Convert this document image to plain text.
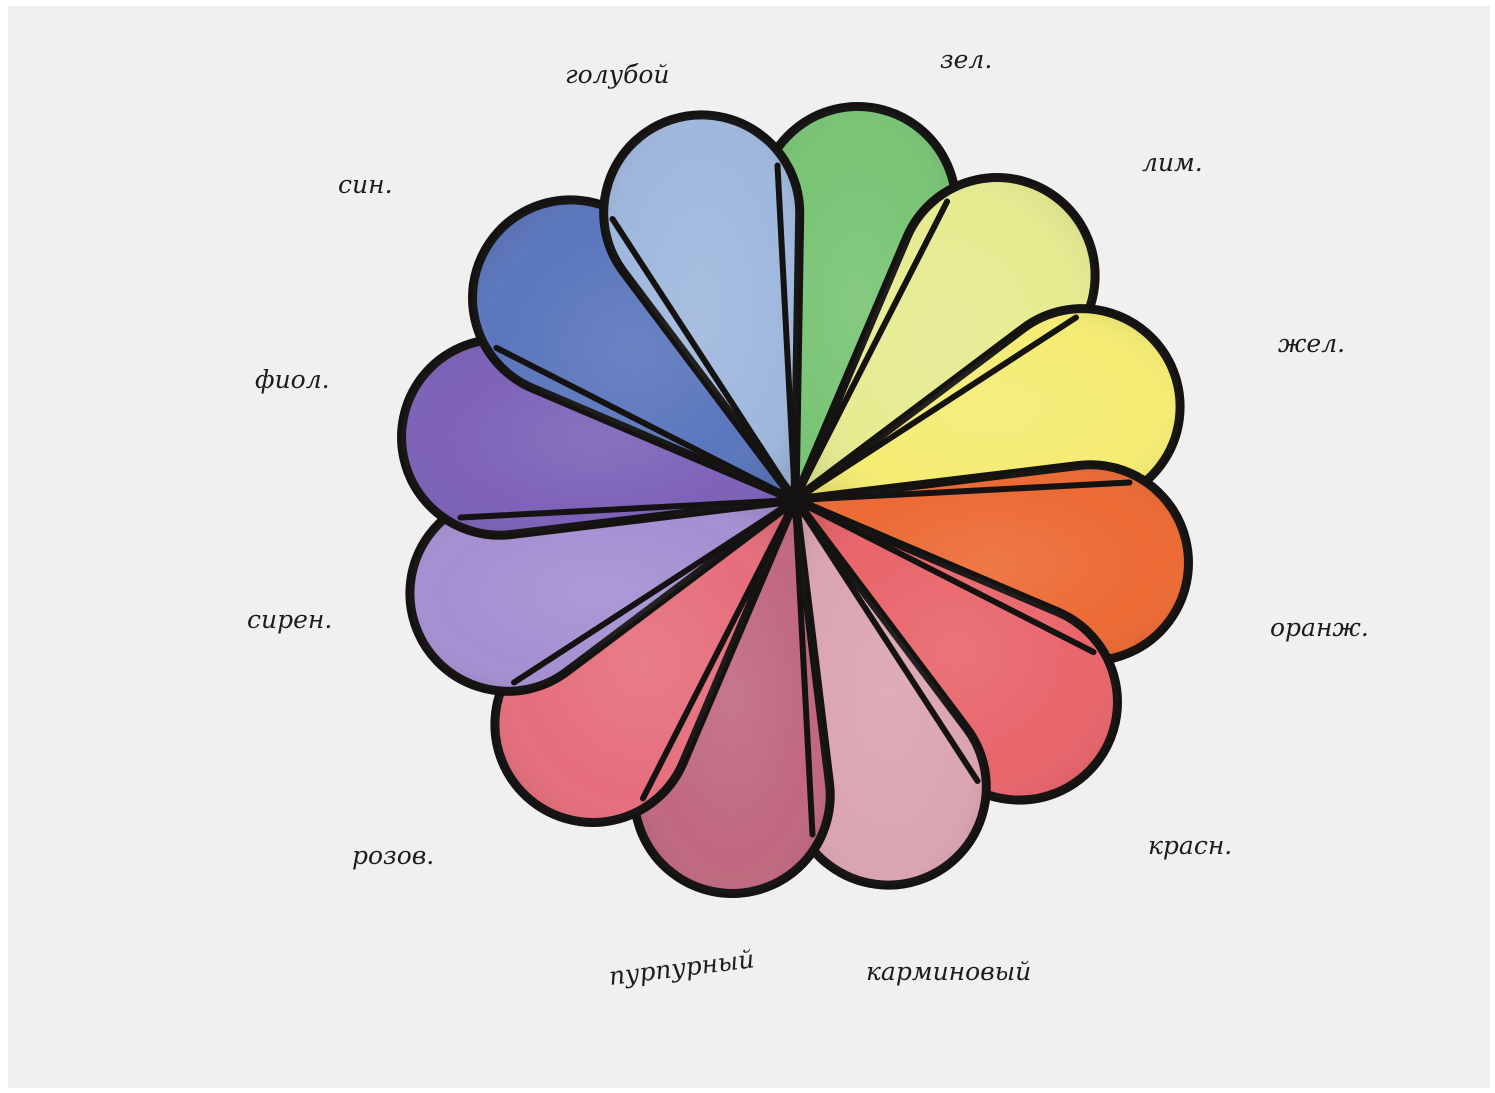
зел.
лим.
жел.
оранж.
красн.
карминовый
пурпурный
розов.
сирен.
фиол.
син.
голубой
